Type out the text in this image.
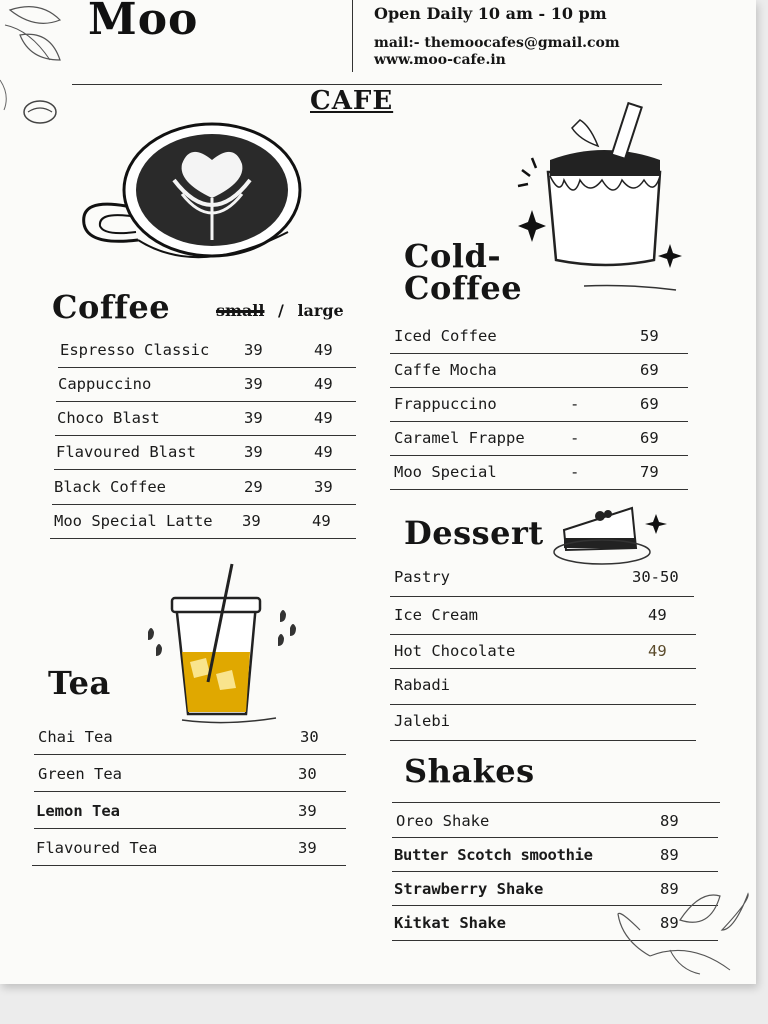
Moo	Open Daily 10 am - 10 pm
mail:- themoocafes@gmail.com
www.moo-cafe.in
CAFE
Coffee	small / large
Espresso Classic 39	49
Cappuccino	39	49
Choco Blast	39	49
Flavoured Blast	39	49
Black Coffee	29	39
Moo Special Latte 39	49
Tea
Chai Tea	30
Green Tea	30
Lemon Tea	39
Flavoured Tea	39
Cold-
Coffee
Iced Coffee	59
Caffe Mocha	69
Frappuccino	-	69
Caramel Frappe	-	69
Moo Special	-	79
Dessert
Pastry	30-50
Ice Cream	49
Hot Chocolate	49
Rabadi
Jalebi
Shakes
Oreo Shake	89
Butter Scotch smoothie	89
Strawberry Shake	89
Kitkat Shake	89
